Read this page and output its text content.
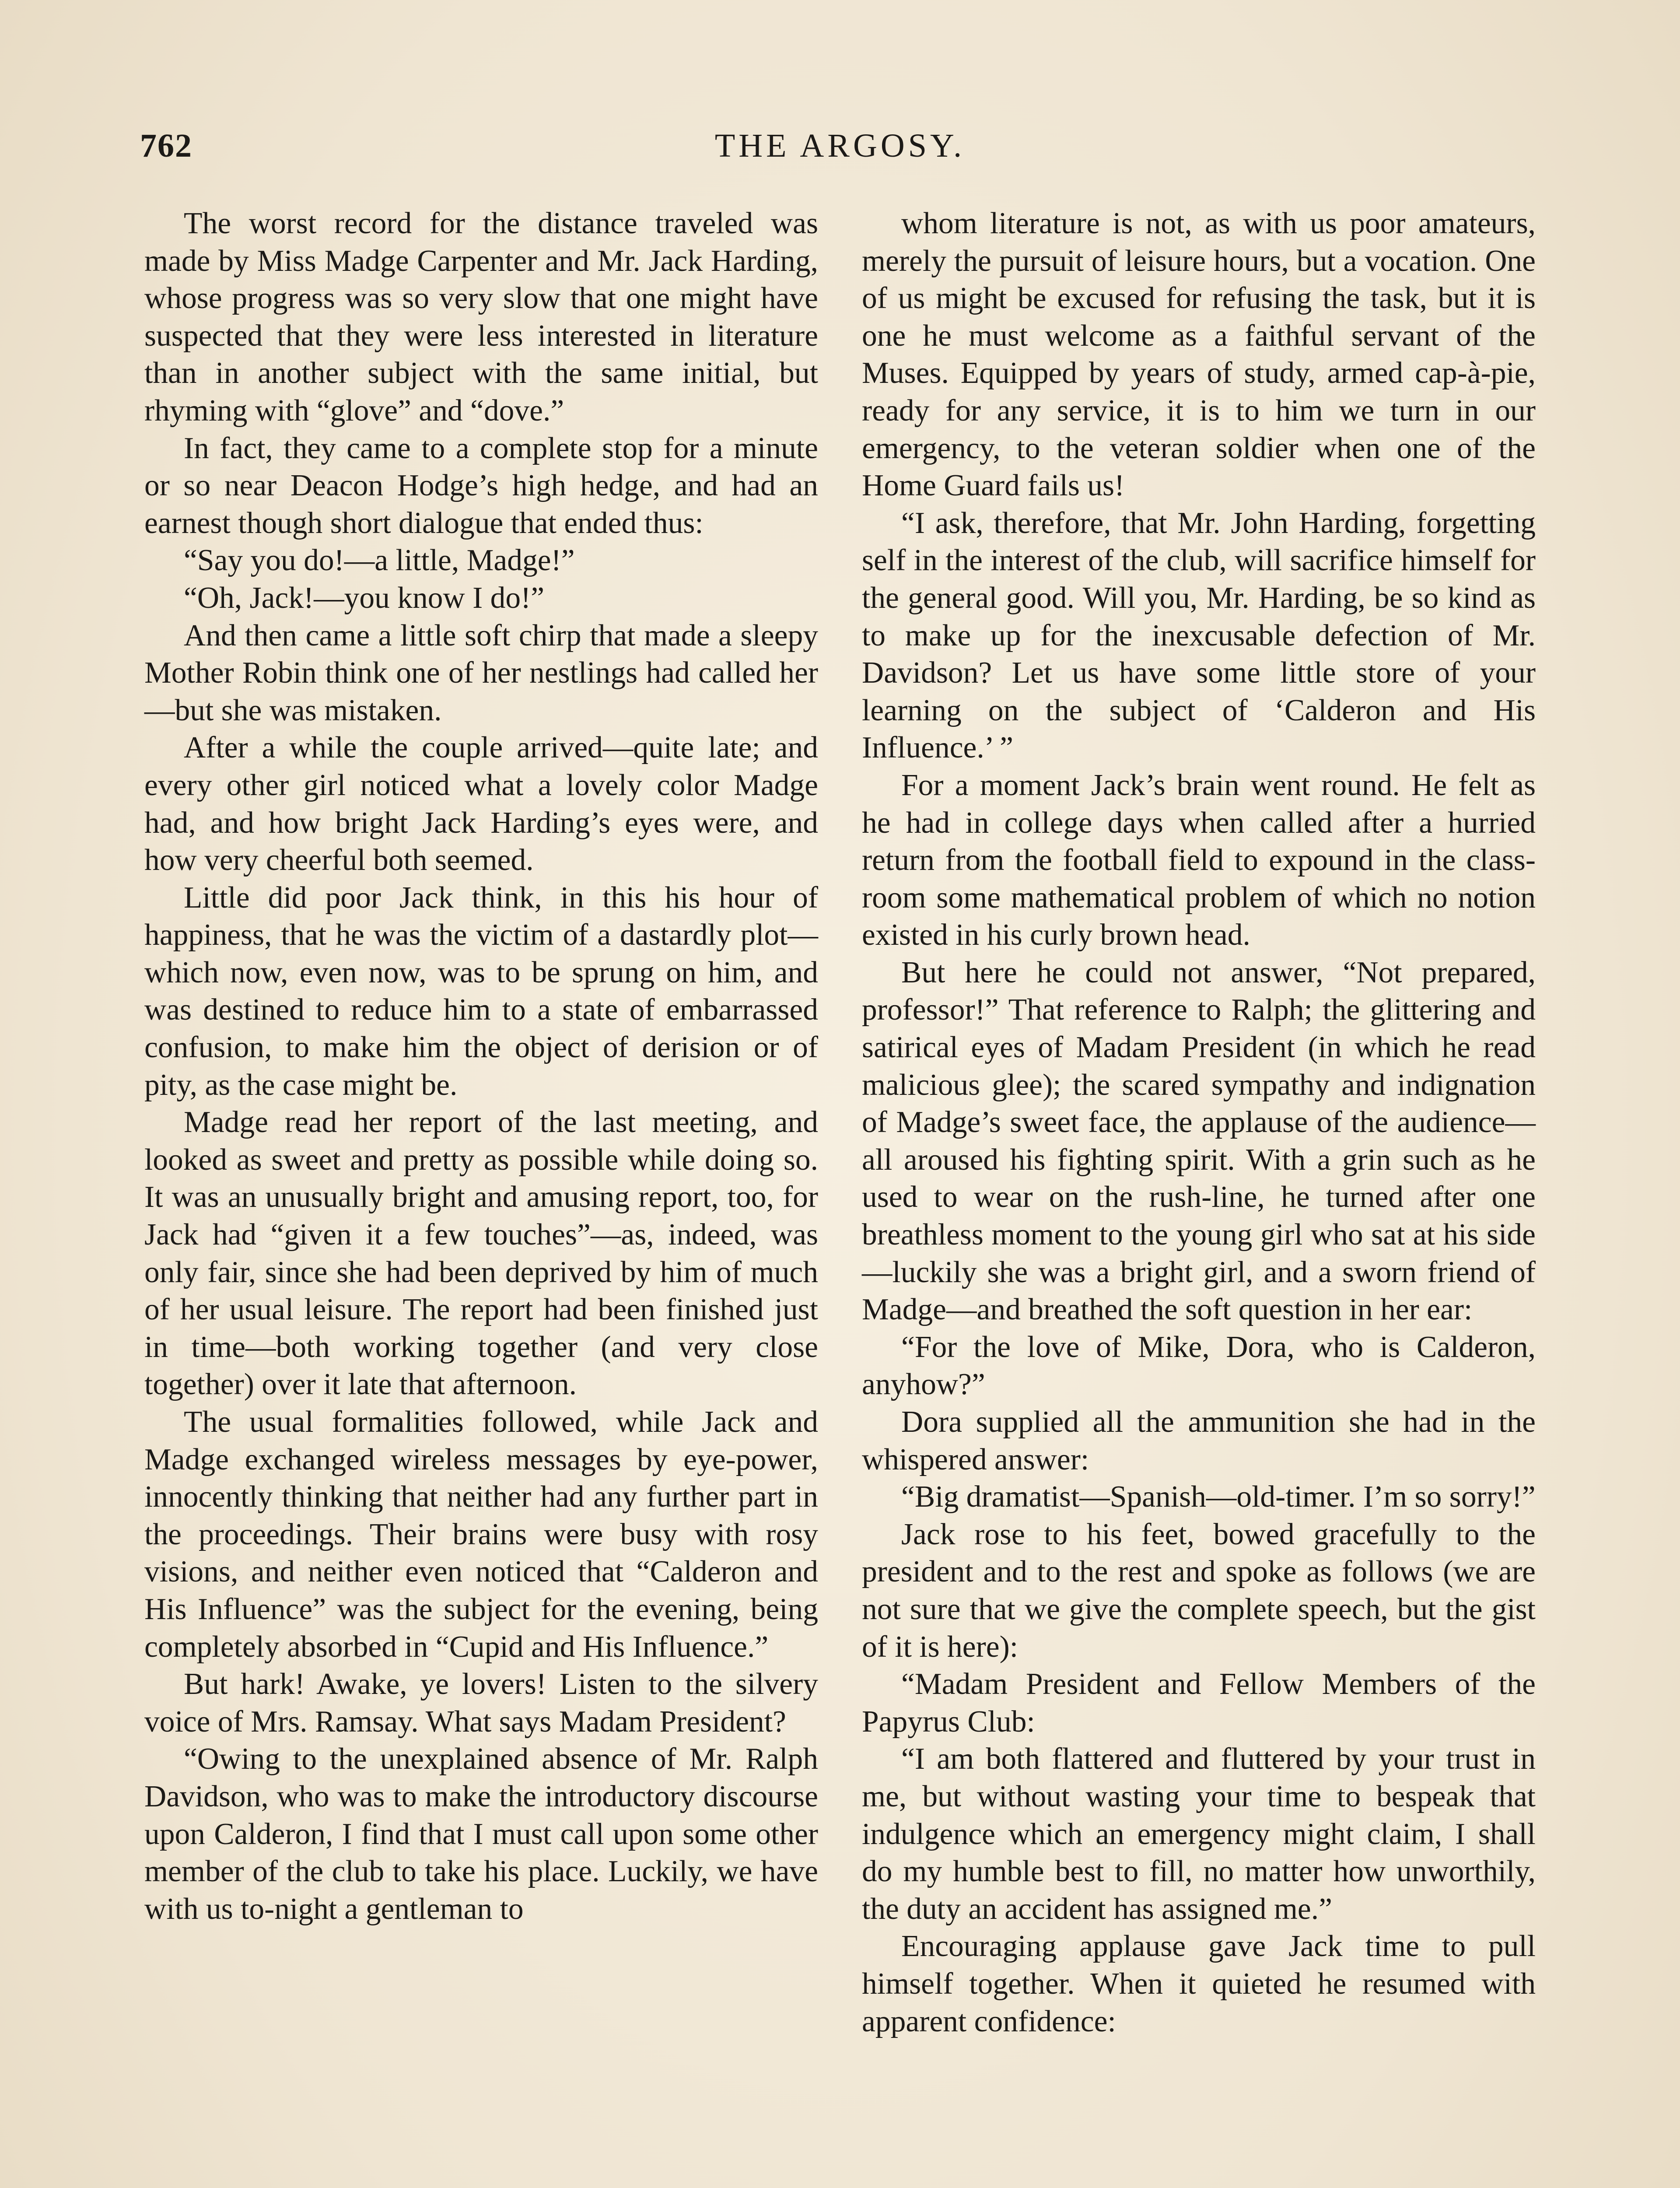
762	THE ARGOSY.

The worst record for the distance traveled was made by Miss Madge Carpenter and Mr. Jack Harding, whose progress was so very slow that one might have suspected that they were less interested in literature than in another subject with the same initial, but rhyming with “glove” and “dove.”

In fact, they came to a complete stop for a minute or so near Deacon Hodge’s high hedge, and had an earnest though short dialogue that ended thus:

“Say you do!—a little, Madge!”

“Oh, Jack!—you know I do!”

And then came a little soft chirp that made a sleepy Mother Robin think one of her nestlings had called her—but she was mistaken.

After a while the couple arrived—quite late; and every other girl noticed what a lovely color Madge had, and how bright Jack Harding’s eyes were, and how very cheerful both seemed.

Little did poor Jack think, in this his hour of happiness, that he was the victim of a dastardly plot—which now, even now, was to be sprung on him, and was destined to reduce him to a state of embarrassed confusion, to make him the object of derision or of pity, as the case might be.

Madge read her report of the last meeting, and looked as sweet and pretty as possible while doing so. It was an unusually bright and amusing report, too, for Jack had “given it a few touches”—as, indeed, was only fair, since she had been deprived by him of much of her usual leisure. The report had been finished just in time—both working together (and very close together) over it late that afternoon.

The usual formalities followed, while Jack and Madge exchanged wireless messages by eye-power, innocently thinking that neither had any further part in the proceedings. Their brains were busy with rosy visions, and neither even noticed that “Calderon and His Influence” was the subject for the evening, being completely absorbed in “Cupid and His Influence.”

But hark! Awake, ye lovers! Listen to the silvery voice of Mrs. Ramsay. What says Madam President?

“Owing to the unexplained absence of Mr. Ralph Davidson, who was to make the introductory discourse upon Calderon, I find that I must call upon some other member of the club to take his place. Luckily, we have with us to-night a gentleman to

whom literature is not, as with us poor amateurs, merely the pursuit of leisure hours, but a vocation. One of us might be excused for refusing the task, but it is one he must welcome as a faithful servant of the Muses. Equipped by years of study, armed cap-à-pie, ready for any service, it is to him we turn in our emergency, to the veteran soldier when one of the Home Guard fails us!

“I ask, therefore, that Mr. John Harding, forgetting self in the interest of the club, will sacrifice himself for the general good. Will you, Mr. Harding, be so kind as to make up for the inexcusable defection of Mr. Davidson? Let us have some little store of your learning on the subject of ‘Calderon and His Influence.’ ”

For a moment Jack’s brain went round. He felt as he had in college days when called after a hurried return from the football field to expound in the class-room some mathematical problem of which no notion existed in his curly brown head.

But here he could not answer, “Not prepared, professor!” That reference to Ralph; the glittering and satirical eyes of Madam President (in which he read malicious glee); the scared sympathy and indignation of Madge’s sweet face, the applause of the audience—all aroused his fighting spirit. With a grin such as he used to wear on the rush-line, he turned after one breathless moment to the young girl who sat at his side—luckily she was a bright girl, and a sworn friend of Madge—and breathed the soft question in her ear:

“For the love of Mike, Dora, who is Calderon, anyhow?”

Dora supplied all the ammunition she had in the whispered answer:

“Big dramatist—Spanish—old-timer. I’m so sorry!”

Jack rose to his feet, bowed gracefully to the president and to the rest and spoke as follows (we are not sure that we give the complete speech, but the gist of it is here):

“Madam President and Fellow Members of the Papyrus Club:

“I am both flattered and fluttered by your trust in me, but without wasting your time to bespeak that indulgence which an emergency might claim, I shall do my humble best to fill, no matter how unworthily, the duty an accident has assigned me.”

Encouraging applause gave Jack time to pull himself together. When it quieted he resumed with apparent confidence:
